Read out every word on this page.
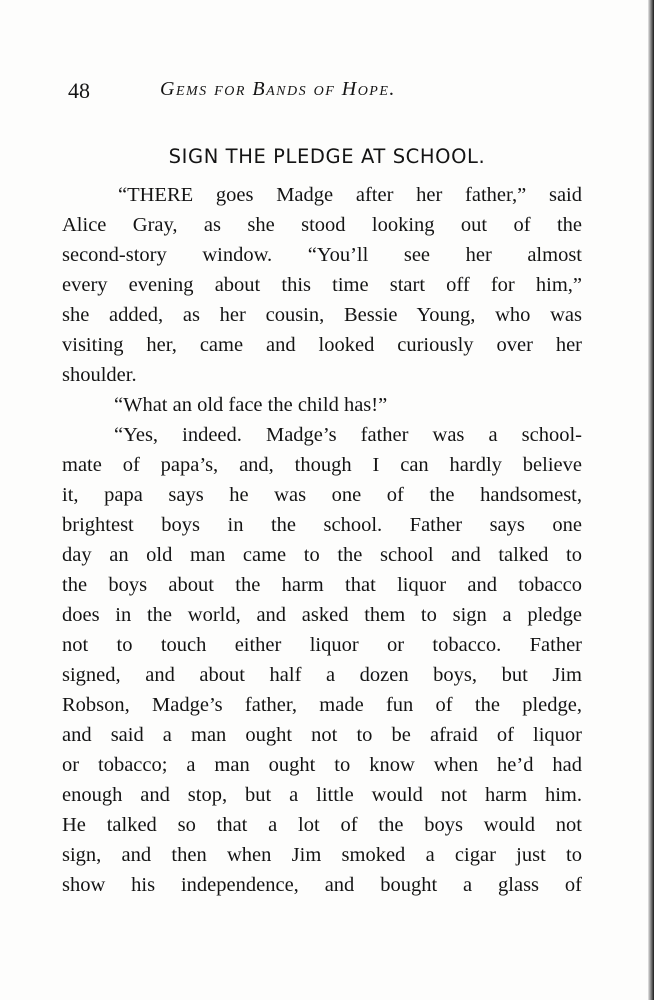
48	Gems for Bands of Hope.
SIGN THE PLEDGE AT SCHOOL.
“THERE goes Madge after her father,” said
Alice Gray, as she stood looking out of the
second-story window. “You’ll see her almost
every evening about this time start off for him,”
she added, as her cousin, Bessie Young, who was
visiting her, came and looked curiously over her
shoulder.
“What an old face the child has!”
“Yes, indeed. Madge’s father was a school-
mate of papa’s, and, though I can hardly believe
it, papa says he was one of the handsomest,
brightest boys in the school. Father says one
day an old man came to the school and talked to
the boys about the harm that liquor and tobacco
does in the world, and asked them to sign a pledge
not to touch either liquor or tobacco. Father
signed, and about half a dozen boys, but Jim
Robson, Madge’s father, made fun of the pledge,
and said a man ought not to be afraid of liquor
or tobacco; a man ought to know when he’d had
enough and stop, but a little would not harm him.
He talked so that a lot of the boys would not
sign, and then when Jim smoked a cigar just to
show his independence, and bought a glass of
